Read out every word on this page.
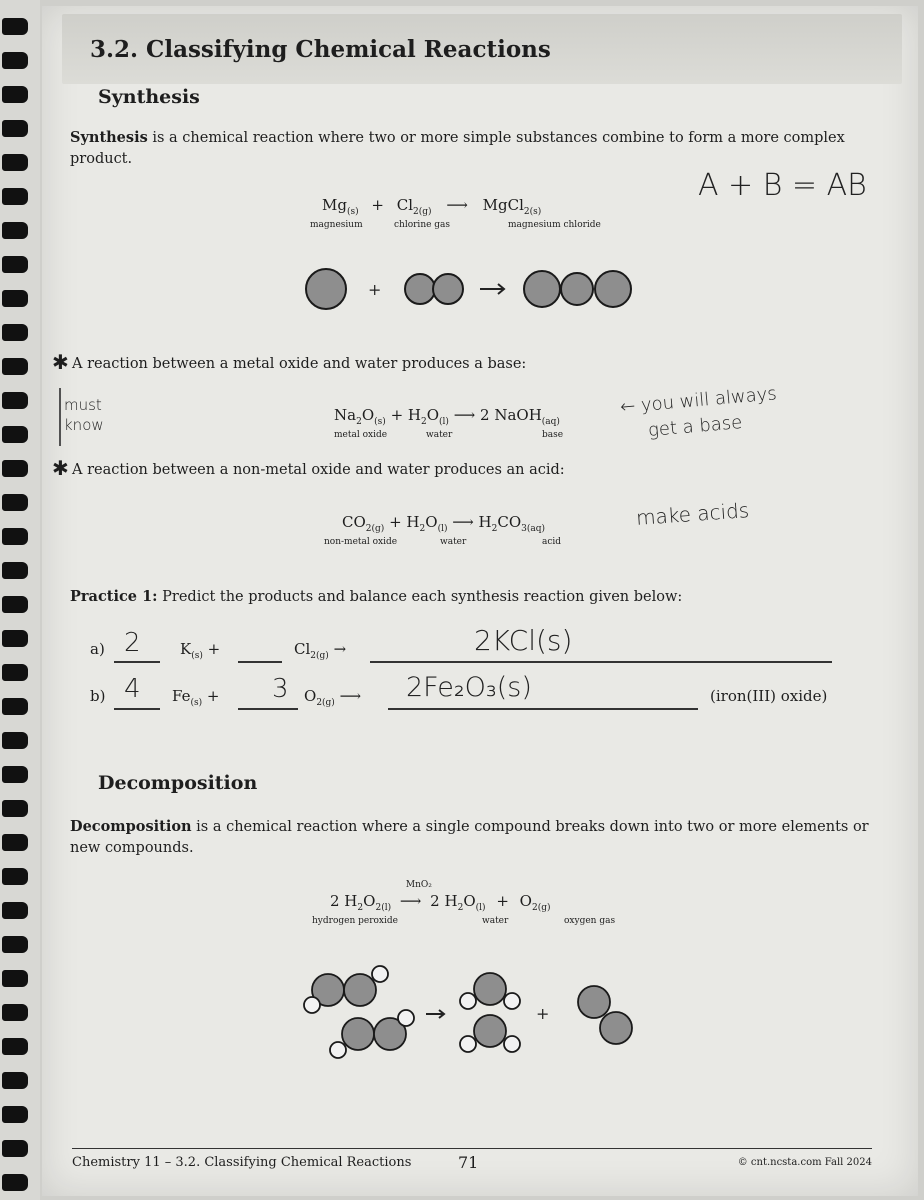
3.2. Classifying Chemical Reactions
Synthesis
Synthesis is a chemical reaction where two or more simple substances combine to form a more complex product.
$Mg_{(s)} + Cl_{2(g)}$ ⟶ MgCl$_{2(s)}$
magnesium	chlorine gas	magnesium chloride
A + B = AB
+
✱ A reaction between a metal oxide and water produces a base:
must
know
$Na_2O_{(s)} + H_2O_{(l)}$ ⟶ 2 NaOH$_{(aq)}$
metal oxide	water	base
← you will always
get a base
✱ A reaction between a non-metal oxide and water produces an acid:
$CO_{2(g)} + H_2O_{(l)}$ ⟶ $H_2CO_{3(aq)}$
non-metal oxide	water	acid
make acids
Practice 1: Predict the products and balance each synthesis reaction given below:
a) 2	$K_{(s)}$ +	$Cl_{2(g)}$ →	2KCl(s)
b) 4 $Fe_{(s)} + 3$ $O_{2(g)}$ ⟶ 2Fe₂O₃(s)	(iron(III) oxide)
Decomposition
Decomposition is a chemical reaction where a single compound breaks down into two or more elements or new compounds.
2 $H_2O_{2(l)}$
MnO₂
⟶ 2 $H_2O_{(l)} + O_{2(g)}$
hydrogen peroxide	water	oxygen gas
+
Chemistry 11 – 3.2. Classifying Chemical Reactions	71	© cnt.ncsta.com Fall 2024
